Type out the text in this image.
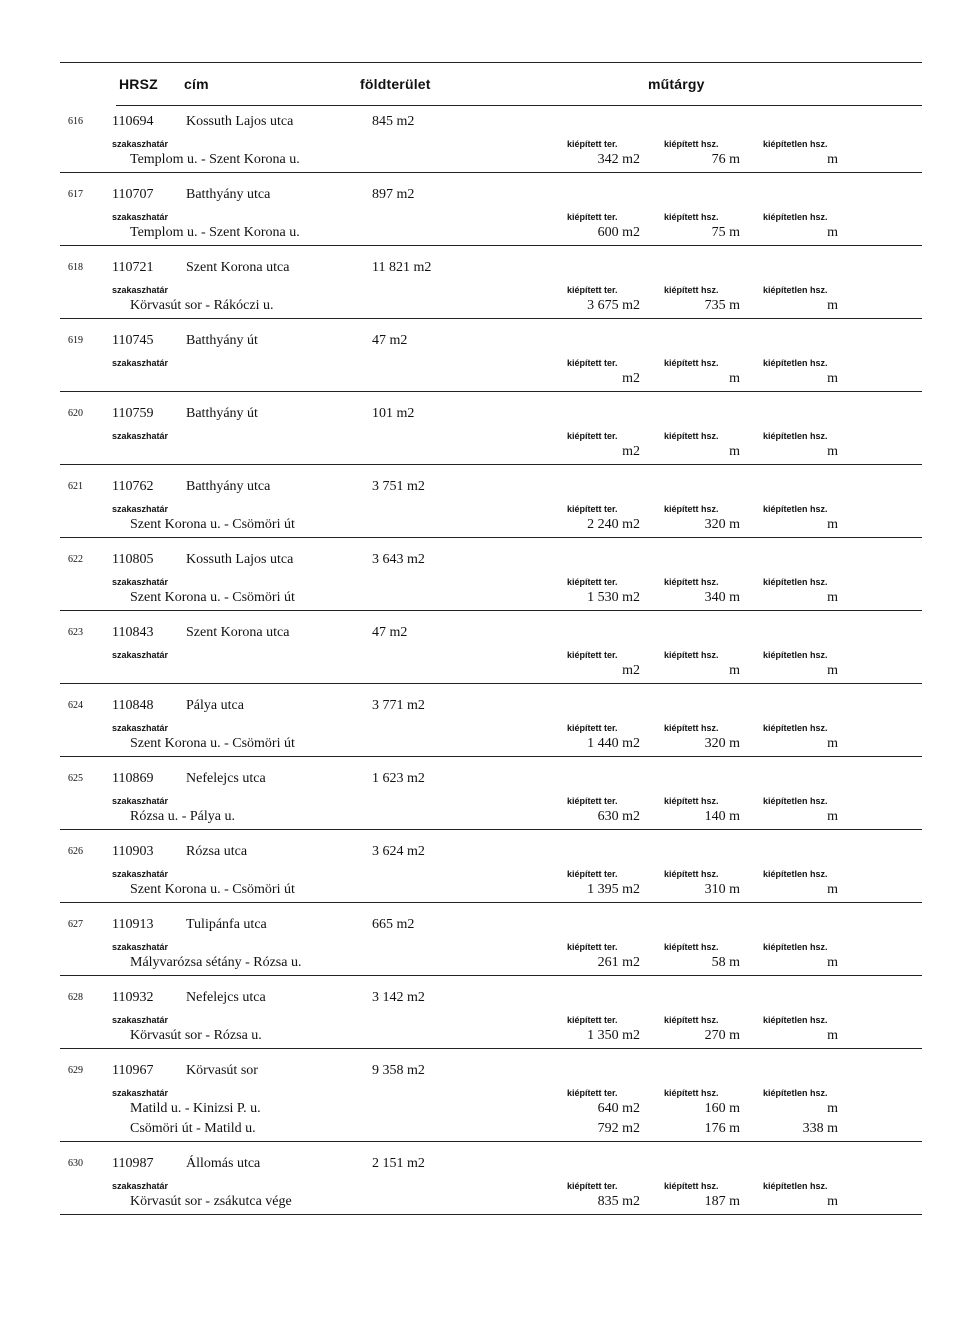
HRSZ cím	földterület	műtárgy
616 110694 Kossuth Lajos utca	845 m2
szakaszhatár	kiépített ter.	kiépített hsz.	kiépítetlen hsz.
Templom u. - Szent Korona u.	342 m2	76 m	m
617 110707 Batthyány utca	897 m2
szakaszhatár	kiépített ter.	kiépített hsz.	kiépítetlen hsz.
Templom u. - Szent Korona u.	600 m2	75 m	m
618 110721 Szent Korona utca	11 821 m2
szakaszhatár	kiépített ter.	kiépített hsz.	kiépítetlen hsz.
Körvasút sor - Rákóczi u.	3 675 m2	735 m	m
619 110745 Batthyány út	47 m2
szakaszhatár	kiépített ter.	kiépített hsz.	kiépítetlen hsz.
m2	m	m
620 110759 Batthyány út	101 m2
szakaszhatár	kiépített ter.	kiépített hsz.	kiépítetlen hsz.
m2	m	m
621 110762 Batthyány utca	3 751 m2
szakaszhatár	kiépített ter.	kiépített hsz.	kiépítetlen hsz.
Szent Korona u. - Csömöri út	2 240 m2	320 m	m
622 110805 Kossuth Lajos utca	3 643 m2
szakaszhatár	kiépített ter.	kiépített hsz.	kiépítetlen hsz.
Szent Korona u. - Csömöri út	1 530 m2	340 m	m
623 110843 Szent Korona utca	47 m2
szakaszhatár	kiépített ter.	kiépített hsz.	kiépítetlen hsz.
m2	m	m
624 110848 Pálya utca	3 771 m2
szakaszhatár	kiépített ter.	kiépített hsz.	kiépítetlen hsz.
Szent Korona u. - Csömöri út	1 440 m2	320 m	m
625 110869 Nefelejcs utca	1 623 m2
szakaszhatár	kiépített ter.	kiépített hsz.	kiépítetlen hsz.
Rózsa u. - Pálya u.	630 m2	140 m	m
626 110903 Rózsa utca	3 624 m2
szakaszhatár	kiépített ter.	kiépített hsz.	kiépítetlen hsz.
Szent Korona u. - Csömöri út	1 395 m2	310 m	m
627 110913 Tulipánfa utca	665 m2
szakaszhatár	kiépített ter.	kiépített hsz.	kiépítetlen hsz.
Mályvarózsa sétány - Rózsa u.	261 m2	58 m	m
628 110932 Nefelejcs utca	3 142 m2
szakaszhatár	kiépített ter.	kiépített hsz.	kiépítetlen hsz.
Körvasút sor - Rózsa u.	1 350 m2	270 m	m
629 110967 Körvasút sor	9 358 m2
szakaszhatár	kiépített ter.	kiépített hsz.	kiépítetlen hsz.
Matild u. - Kinizsi P. u.	640 m2	160 m	m
Csömöri út - Matild u.	792 m2	176 m	338 m
630 110987 Állomás utca	2 151 m2
szakaszhatár	kiépített ter.	kiépített hsz.	kiépítetlen hsz.
Körvasút sor - zsákutca vége	835 m2	187 m	m
